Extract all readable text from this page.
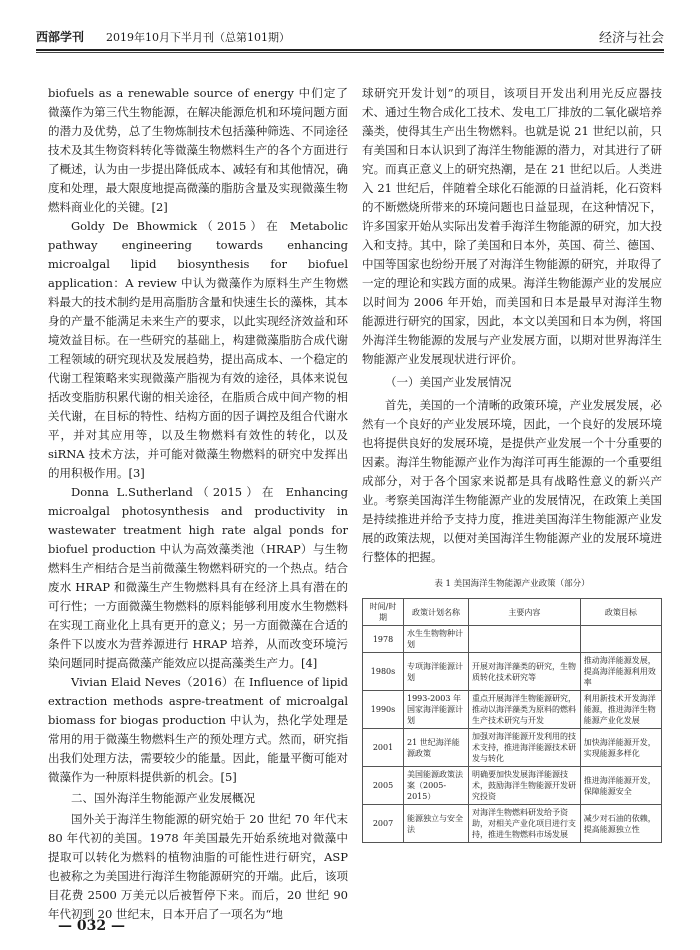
西部学刊 2019年10月下半月刊（总第101期）	经济与社会

biofuels as a renewable source of energy 中们定了微藻作为第三代生物能源，在解决能源危机和环境问题方面的潜力及优势，总了生物炼制技术包括藻种筛选、不同途径技术及其生物资料转化等微藻生物燃料生产的各个方面进行了概述，认为由一步提出降低成本、减轻有和其他情况，确度和处理，最大限度地提高微藻的脂肪含量及实现微藻生物燃料商业化的关键。[2]

Goldy De Bhowmick（2015）在 Metabolic pathway engineering towards enhancing microalgal lipid biosynthesis for biofuel application：A review 中认为微藻作为原料生产生物燃料最大的技术制约是用高脂肪含量和快速生长的藻株，其本身的产量不能满足未来生产的要求，以此实现经济效益和环境效益目标。在一些研究的基础上，构建微藻脂肪合成代谢工程领域的研究现状及发展趋势，提出高成本、一个稳定的代谢工程策略来实现微藻产脂视为有效的途径，具体来说包括改变脂肪积累代谢的相关途径，在脂质合成中间产物的相关代谢，在目标的特性、结构方面的因子调控及组合代谢水平，并对其应用等，以及生物燃料有效性的转化，以及 siRNA 技术方法，并可能对微藻生物燃料的研究中发挥出的用积极作用。[3]

Donna L.Sutherland（2015）在 Enhancing microalgal photosynthesis and productivity in wastewater treatment high rate algal ponds for biofuel production 中认为高效藻类池（HRAP）与生物燃料生产相结合是当前微藻生物燃料研究的一个热点。结合废水 HRAP 和微藻生产生物燃料具有在经济上具有潜在的可行性；一方面微藻生物燃料的原料能够利用废水生物燃料在实现工商业化上具有更开的意义；另一方面微藻在合适的条件下以废水为营养源进行 HRAP 培养，从而改变环境污染问题同时提高微藻产能效应以提高藻类生产力。[4]

Vivian Elaid Neves（2016）在 Influence of lipid extraction methods aspre-treatment of microalgal biomass for biogas production 中认为，热化学处理是常用的用于微藻生物燃料生产的预处理方式。然而，研究指出我们处理方法，需要较少的能量。因此，能量平衡可能对微藻作为一种原料提供新的机会。[5]

二、国外海洋生物能源产业发展概况

国外关于海洋生物能源的研究始于 20 世纪 70 年代末 80 年代初的美国。1978 年美国最先开始系统地对微藻中提取可以转化为燃料的植物油脂的可能性进行研究，ASP 也被称之为美国进行海洋生物能源研究的开端。此后，该项目花费 2500 万美元以后被暂停下来。而后，20 世纪 90 年代初到 20 世纪末，日本开启了一项名为“地

球研究开发计划”的项目，该项目开发出利用光反应器技术、通过生物合成化工技术、发电工厂排放的二氧化碳培养藻类，使得其生产出生物燃料。也就是说 21 世纪以前，只有美国和日本认识到了海洋生物能源的潜力，对其进行了研究。而真正意义上的研究热潮，是在 21 世纪以后。人类进入 21 世纪后，伴随着全球化石能源的日益消耗，化石资料的不断燃烧所带来的环境问题也日益显现，在这种情况下，许多国家开始从实际出发着手海洋生物能源的研究，加大投入和支持。其中，除了美国和日本外，英国、荷兰、德国、中国等国家也纷纷开展了对海洋生物能源的研究，并取得了一定的理论和实践方面的成果。海洋生物能源产业的发展应以时间为 2006 年开始，而美国和日本是最早对海洋生物能源进行研究的国家，因此，本文以美国和日本为例，将国外海洋生物能源的发展与产业发展方面，以期对世界海洋生物能源产业发展现状进行评价。

（一）美国产业发展情况

首先，美国的一个清晰的政策环境，产业发展发展，必然有一个良好的产业发展环境，因此，一个良好的发展环境也将提供良好的发展环境，是提供产业发展一个十分重要的因素。海洋生物能源产业作为海洋可再生能源的一个重要组成部分，对于各个国家来说都是具有战略性意义的新兴产业。考察美国海洋生物能源产业的发展情况，在政策上美国是持续推进并给予支持力度，推进美国海洋生物能源产业发展的政策法规，以便对美国海洋生物能源产业的发展环境进行整体的把握。

表 1 美国海洋生物能源产业政策（部分）
时间/时期	政策计划名称	主要内容	政策目标
1978	水生生物物种计划		
1980s	专项海洋能源计划	开展对海洋藻类的研究，生物质转化技术研究等	推动海洋能源发展，提高海洋能源利用效率
1990s	1993-2003 年国家海洋能源计划	重点开展海洋生物能源研究，推动以海洋藻类为原料的燃料生产技术研究与开发	利用新技术开发海洋能源，推进海洋生物能源产业化发展
2001	21 世纪海洋能源政策	加强对海洋能源开发利用的技术支持，推进海洋能源技术研发与转化	加快海洋能源开发，实现能源多样化
2005	美国能源政策法案（2005-2015）	明确要加快发展海洋能源技术，鼓励海洋生物能源开发研究投资	推进海洋能源开发，保障能源安全
2007	能源独立与安全法	对海洋生物燃料研发给予资助，对相关产业化项目进行支持，推进生物燃料市场发展	减少对石油的依赖，提高能源独立性
— 032 —
